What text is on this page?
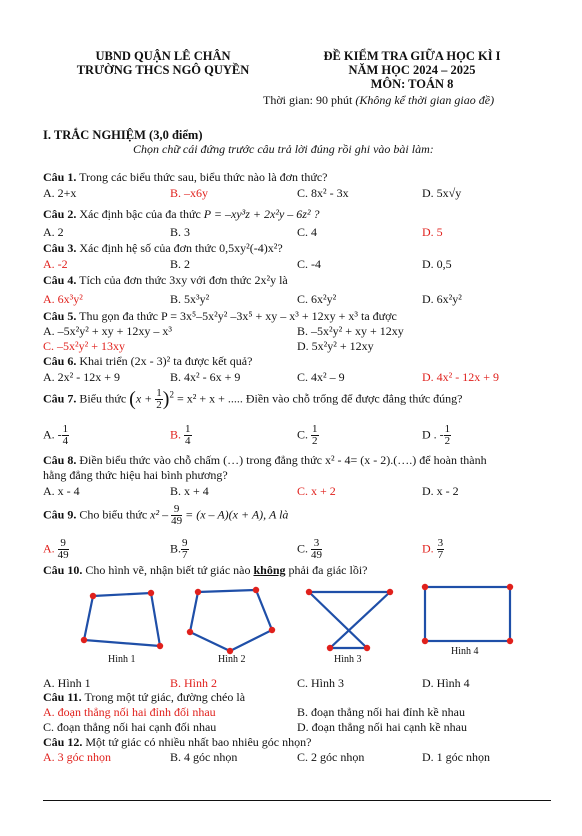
UBND QUẬN LÊ CHÂN
TRƯỜNG THCS NGÔ QUYỀN
ĐỀ KIỂM TRA GIỮA HỌC KÌ I
NĂM HỌC 2024 – 2025
MÔN: TOÁN 8
Thời gian: 90 phút (Không kể thời gian giao đề)
I. TRẮC NGHIỆM (3,0 điểm)
Chọn chữ cái đứng trước câu trả lời đúng rồi ghi vào bài làm:
Câu 1. Trong các biểu thức sau, biểu thức nào là đơn thức?
A. 2+x	B. –x6y	C. 8x² - 3x	D. 5x√y
Câu 2. Xác định bậc của đa thức P = –xy³z + 2x²y – 6z² ?
A. 2	B. 3	C. 4	D. 5
Câu 3. Xác định hệ số của đơn thức 0,5xy²(-4)x²?
A. -2	B. 2	C. -4	D. 0,5
Câu 4. Tích của đơn thức 3xy với đơn thức 2x²y là
A. 6x³y²	B. 5x³y²	C. 6x²y²	D. 6x²y²
Câu 5. Thu gọn đa thức P = 3x⁵–5x²y² –3x⁵ + xy – x³ + 12xy + x³ ta được
A. –5x²y² + xy + 12xy – x³	B. –5x²y² + xy + 12xy
C. –5x²y² + 13xy	D. 5x²y² + 12xy
Câu 6. Khai triển (2x - 3)² ta được kết quả?
A. 2x² - 12x + 9	B. 4x² - 6x + 9	C. 4x² – 9	D. 4x² - 12x + 9
Câu 7. Biểu thức $(x + \frac{1}{2} )^2 = x^2 + x$ + ..... Điền vào chỗ trống để được đẳng thức đúng?
A. - $\frac{1}{4}$	B. $\frac{1}{4}$	C. $\frac{1}{2}$	D . - $\frac{1}{2}$
Câu 8. Điền biểu thức vào chỗ chấm (…) trong đẳng thức x² - 4= (x - 2).(….) để hoàn thành
hằng đẳng thức hiệu hai bình phương?
A. x - 4	B. x + 4	C. x + 2	D. x - 2
Câu 9. Cho biểu thức $x^2 - \frac{9}{49} = (x - A)(x + A)$, A là
A. $\frac{9}{49}$	B. $\frac{9}{7}$	C. $\frac{3}{49}$	D. $\frac{3}{7}$
Câu 10. Cho hình vẽ, nhận biết tứ giác nào không phải đa giác lồi?
Hình 1	Hình 2	Hình 3
Hình 4
A. Hình 1	B. Hình 2	C. Hình 3	D. Hình 4
Câu 11. Trong một tứ giác, đường chéo là
A. đoạn thẳng nối hai đỉnh đối nhau	B. đoạn thẳng nối hai đỉnh kề nhau
C. đoạn thẳng nối hai cạnh đối nhau	D. đoạn thẳng nối hai cạnh kề nhau
Câu 12. Một tứ giác có nhiều nhất bao nhiêu góc nhọn?
A. 3 góc nhọn	B. 4 góc nhọn	C. 2 góc nhọn	D. 1 góc nhọn
